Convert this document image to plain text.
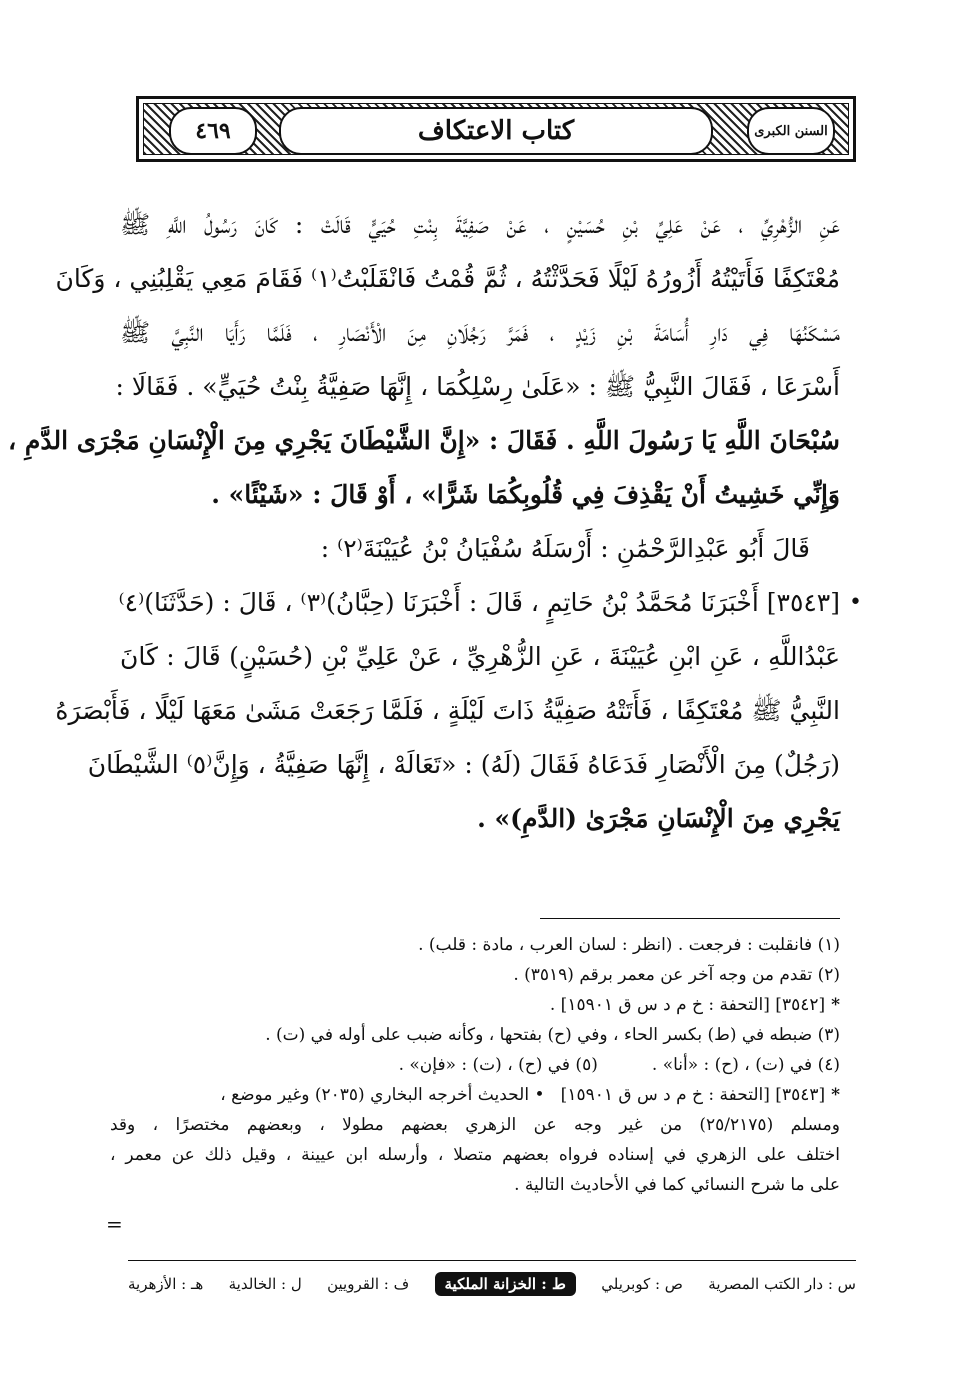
٤٦٩	كتاب الاعتكاف	السنن الكبرى
عَنِ الزُّهْرِيِّ ، عَنْ عَلِيِّ بْنِ حُسَيْنٍ ، عَنْ صَفِيَّةَ بِنْتِ حُيَيٍّ قَالَتْ : كَانَ رَسُولُ اللَّهِ ﷺ
مُعْتَكِفًا فَأَتَيْتُهُ أَزُورُهُ لَيْلًا فَحَدَّثْتُهُ ، ثُمَّ قُمْتُ فَانْقَلَبْتُ⁽١⁾ فَقَامَ مَعِي يَقْلِبُنِي ، وَكَانَ
مَسْكَنُهَا فِي دَارِ أُسَامَةَ بْنِ زَيْدٍ ، فَمَرَّ رَجُلَانِ مِنَ الْأَنْصَارِ ، فَلَمَّا رَأَيَا النَّبِيَّ ﷺ
أَسْرَعَا ، فَقَالَ النَّبِيُّ ﷺ : «عَلَىٰ رِسْلِكُمَا ، إِنَّهَا صَفِيَّةُ بِنْتُ حُيَيٍّ» . فَقَالَا :
سُبْحَانَ اللَّهِ يَا رَسُولَ اللَّهِ . فَقَالَ : «إِنَّ الشَّيْطَانَ يَجْرِي مِنَ الْإِنْسَانِ مَجْرَى الدَّمِ ،
وَإِنِّي خَشِيتُ أَنْ يَقْذِفَ فِي قُلُوبِكُمَا شَرًّا» ، أَوْ قَالَ : «شَيْئًا» .
قَالَ أَبُو عَبْدِالرَّحْمَٰنِ : أَرْسَلَهُ سُفْيَانُ بْنُ عُيَيْنَةَ⁽٢⁾ :
•
[٣٥٤٣] أَخْبَرَنَا مُحَمَّدُ بْنُ حَاتِمٍ ، قَالَ : أَخْبَرَنَا (حِبَّانُ)⁽٣⁾ ، قَالَ : (حَدَّثَنَا)⁽٤⁾
عَبْدُاللَّهِ ، عَنِ ابْنِ عُيَيْنَةَ ، عَنِ الزُّهْرِيِّ ، عَنْ عَلِيِّ بْنِ (حُسَيْنٍ) قَالَ : كَانَ
النَّبِيُّ ﷺ مُعْتَكِفًا ، فَأَتَتْهُ صَفِيَّةُ ذَاتَ لَيْلَةٍ ، فَلَمَّا رَجَعَتْ مَشَىٰ مَعَهَا لَيْلًا ، فَأَبْصَرَهُ
(رَجُلٌ) مِنَ الْأَنْصَارِ فَدَعَاهُ فَقَالَ (لَهُ) : «تَعَالَهْ ، إِنَّهَا صَفِيَّةُ ، وَإِنَّ⁽٥⁾ الشَّيْطَانَ
يَجْرِي مِنَ الْإِنْسَانِ مَجْرَىٰ (الدَّمِ)» .
(١) فانقلبت : فرجعت . (انظر : لسان العرب ، مادة : قلب) .
(٢) تقدم من وجه آخر عن معمر برقم (٣٥١٩) .
*[٣٥٤٢] [التحفة : خ م د س ق ١٥٩٠١] .
(٣) ضبطه في (ط) بكسر الحاء ، وفي (ح) بفتحها ، وكأنه ضبب على أوله في (ت) .
(٤) في (ت) ، (ح) : «أنا» .          (٥) في (ح) ، (ت) : «فإن» .
*[٣٥٤٣] [التحفة : خ م د س ق ١٥٩٠١]   • الحديث أخرجه البخاري (٢٠٣٥) وغير موضع ،
ومسلم (٢٥/٢١٧٥) من غير وجه عن الزهري بعضهم مطولا ، وبعضهم مختصرًا ، وقد
اختلف على الزهري في إسناده فرواه بعضهم متصلا ، وأرسله ابن عيينة ، وقيل ذلك عن معمر ،
على ما شرح النسائي كما في الأحاديث التالية .
=
س : دار الكتب المصرية
ص : كوبريلي
ط : الخزانة الملكية
ف : القرويين
ل : الخالدية
هـ : الأزهرية
